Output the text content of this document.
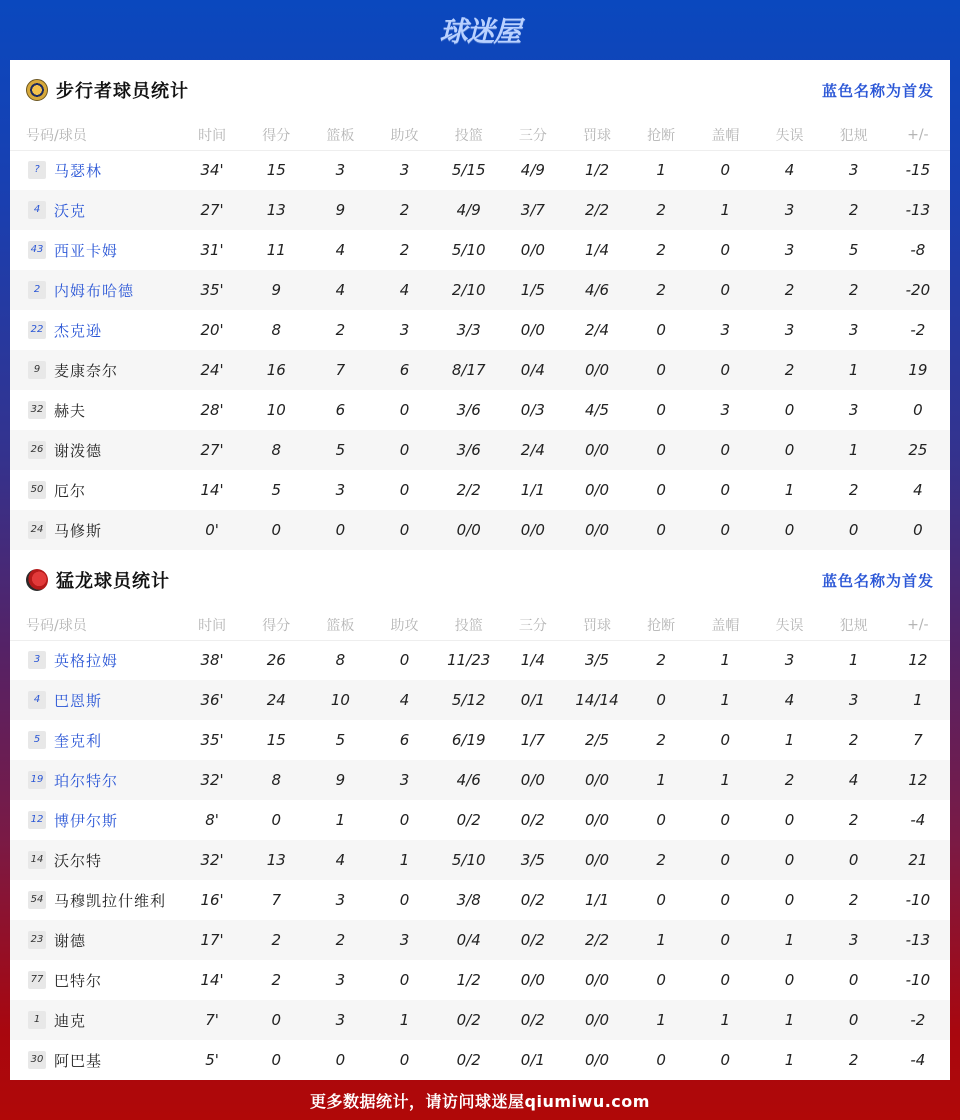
球迷屋
步行者球员统计	蓝色名称为首发
号码/球员	时间	得分	篮板	助攻	投篮	三分	罚球	抢断	盖帽	失误	犯规	+/-
? 马瑟林	34'	15	3	3	5/15	4/9	1/2	1	0	4	3	-15
4 沃克	27'	13	9	2	4/9	3/7	2/2	2	1	3	2	-13
43 西亚卡姆	31'	11	4	2	5/10	0/0	1/4	2	0	3	5	-8
2 内姆布哈德	35'	9	4	4	2/10	1/5	4/6	2	0	2	2	-20
22 杰克逊	20'	8	2	3	3/3	0/0	2/4	0	3	3	3	-2
9 麦康奈尔	24'	16	7	6	8/17	0/4	0/0	0	0	2	1	19
32 赫夫	28'	10	6	0	3/6	0/3	4/5	0	3	0	3	0
26 谢泼德	27'	8	5	0	3/6	2/4	0/0	0	0	0	1	25
50 厄尔	14'	5	3	0	2/2	1/1	0/0	0	0	1	2	4
24 马修斯	0'	0	0	0	0/0	0/0	0/0	0	0	0	0	0
猛龙球员统计	蓝色名称为首发
号码/球员	时间	得分	篮板	助攻	投篮	三分	罚球	抢断	盖帽	失误	犯规	+/-
3 英格拉姆	38'	26	8	0	11/23	1/4	3/5	2	1	3	1	12
4 巴恩斯	36'	24	10	4	5/12	0/1	14/14	0	1	4	3	1
5 奎克利	35'	15	5	6	6/19	1/7	2/5	2	0	1	2	7
19 珀尔特尔	32'	8	9	3	4/6	0/0	0/0	1	1	2	4	12
12 博伊尔斯	8'	0	1	0	0/2	0/2	0/0	0	0	0	2	-4
14 沃尔特	32'	13	4	1	5/10	3/5	0/0	2	0	0	0	21
54 马穆凯拉什维利	16'	7	3	0	3/8	0/2	1/1	0	0	0	2	-10
23 谢德	17'	2	2	3	0/4	0/2	2/2	1	0	1	3	-13
77 巴特尔	14'	2	3	0	1/2	0/0	0/0	0	0	0	0	-10
1 迪克	7'	0	3	1	0/2	0/2	0/0	1	1	1	0	-2
30 阿巴基	5'	0	0	0	0/2	0/1	0/0	0	0	1	2	-4
更多数据统计，请访问球迷屋qiumiwu.com
